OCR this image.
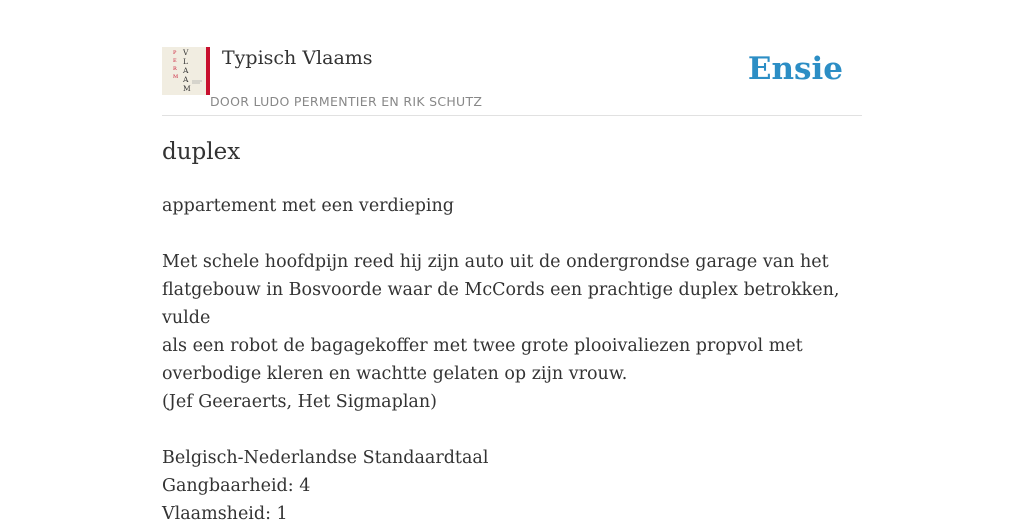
P
E
R
M
V
L
A
A
M
Typisch Vlaams
DOOR LUDO PERMENTIER EN RIK SCHUTZ
Ensie
duplex

appartement met een verdieping

Met schele hoofdpijn reed hij zijn auto uit de ondergrondse garage van het

flatgebouw in Bosvoorde waar de McCords een prachtige duplex betrokken, vulde

als een robot de bagagekoffer met twee grote plooivaliezen propvol met

overbodige kleren en wachtte gelaten op zijn vrouw.

(Jef Geeraerts, Het Sigmaplan)

Belgisch-Nederlandse Standaardtaal

Gangbaarheid: 4

Vlaamsheid: 1
